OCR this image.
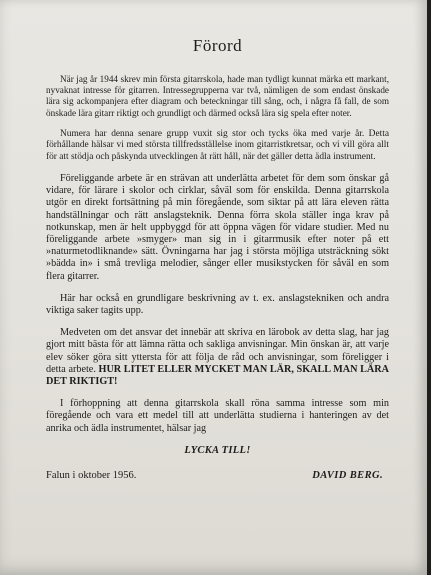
Förord

När jag år 1944 skrev min första gitarrskola, hade man tydligt kunnat märka ett markant, nyvaknat intresse för gitarren. Intressegrupperna var två, nämligen de som endast önskade lära sig ackompanjera efter diagram och beteckningar till sång, och, i några få fall, de som önskade lära gitarr riktigt och grundligt och därmed också lära sig spela efter noter.

Numera har denna senare grupp vuxit sig stor och tycks öka med varje år. Detta förhållande hälsar vi med största tillfredsställelse inom gitarristkretsar, och vi vill göra allt för att stödja och påskynda utvecklingen åt rätt håll, när det gäller detta ädla instrument.

Föreliggande arbete är en strävan att underlätta arbetet för dem som önskar gå vidare, för lärare i skolor och cirklar, såväl som för enskilda. Denna gitarrskola utgör en direkt fortsättning på min föregående, som siktar på att lära eleven rätta handställningar och rätt anslagsteknik. Denna förra skola ställer inga krav på notkunskap, men är helt uppbyggd för att öppna vägen för vidare studier. Med nu föreliggande arbete »smyger» man sig in i gitarrmusik efter noter på ett »naturmetodliknande» sätt. Övningarna har jag i största möjliga utsträckning sökt »bädda in» i små trevliga melodier, sånger eller musikstycken för såväl en som flera gitarrer.

Här har också en grundligare beskrivning av t. ex. anslagstekniken och andra viktiga saker tagits upp.

Medveten om det ansvar det innebär att skriva en lärobok av detta slag, har jag gjort mitt bästa för att lämna rätta och sakliga anvisningar. Min önskan är, att varje elev söker göra sitt yttersta för att följa de råd och anvisningar, som föreligger i detta arbete. HUR LITET ELLER MYCKET MAN LÄR, SKALL MAN LÄRA DET RIKTIGT!

I förhoppning att denna gitarrskola skall röna samma intresse som min föregående och vara ett medel till att underlätta studierna i hanteringen av det anrika och ädla instrumentet, hälsar jag

LYCKA TILL!
Falun i oktober 1956.	DAVID BERG.
